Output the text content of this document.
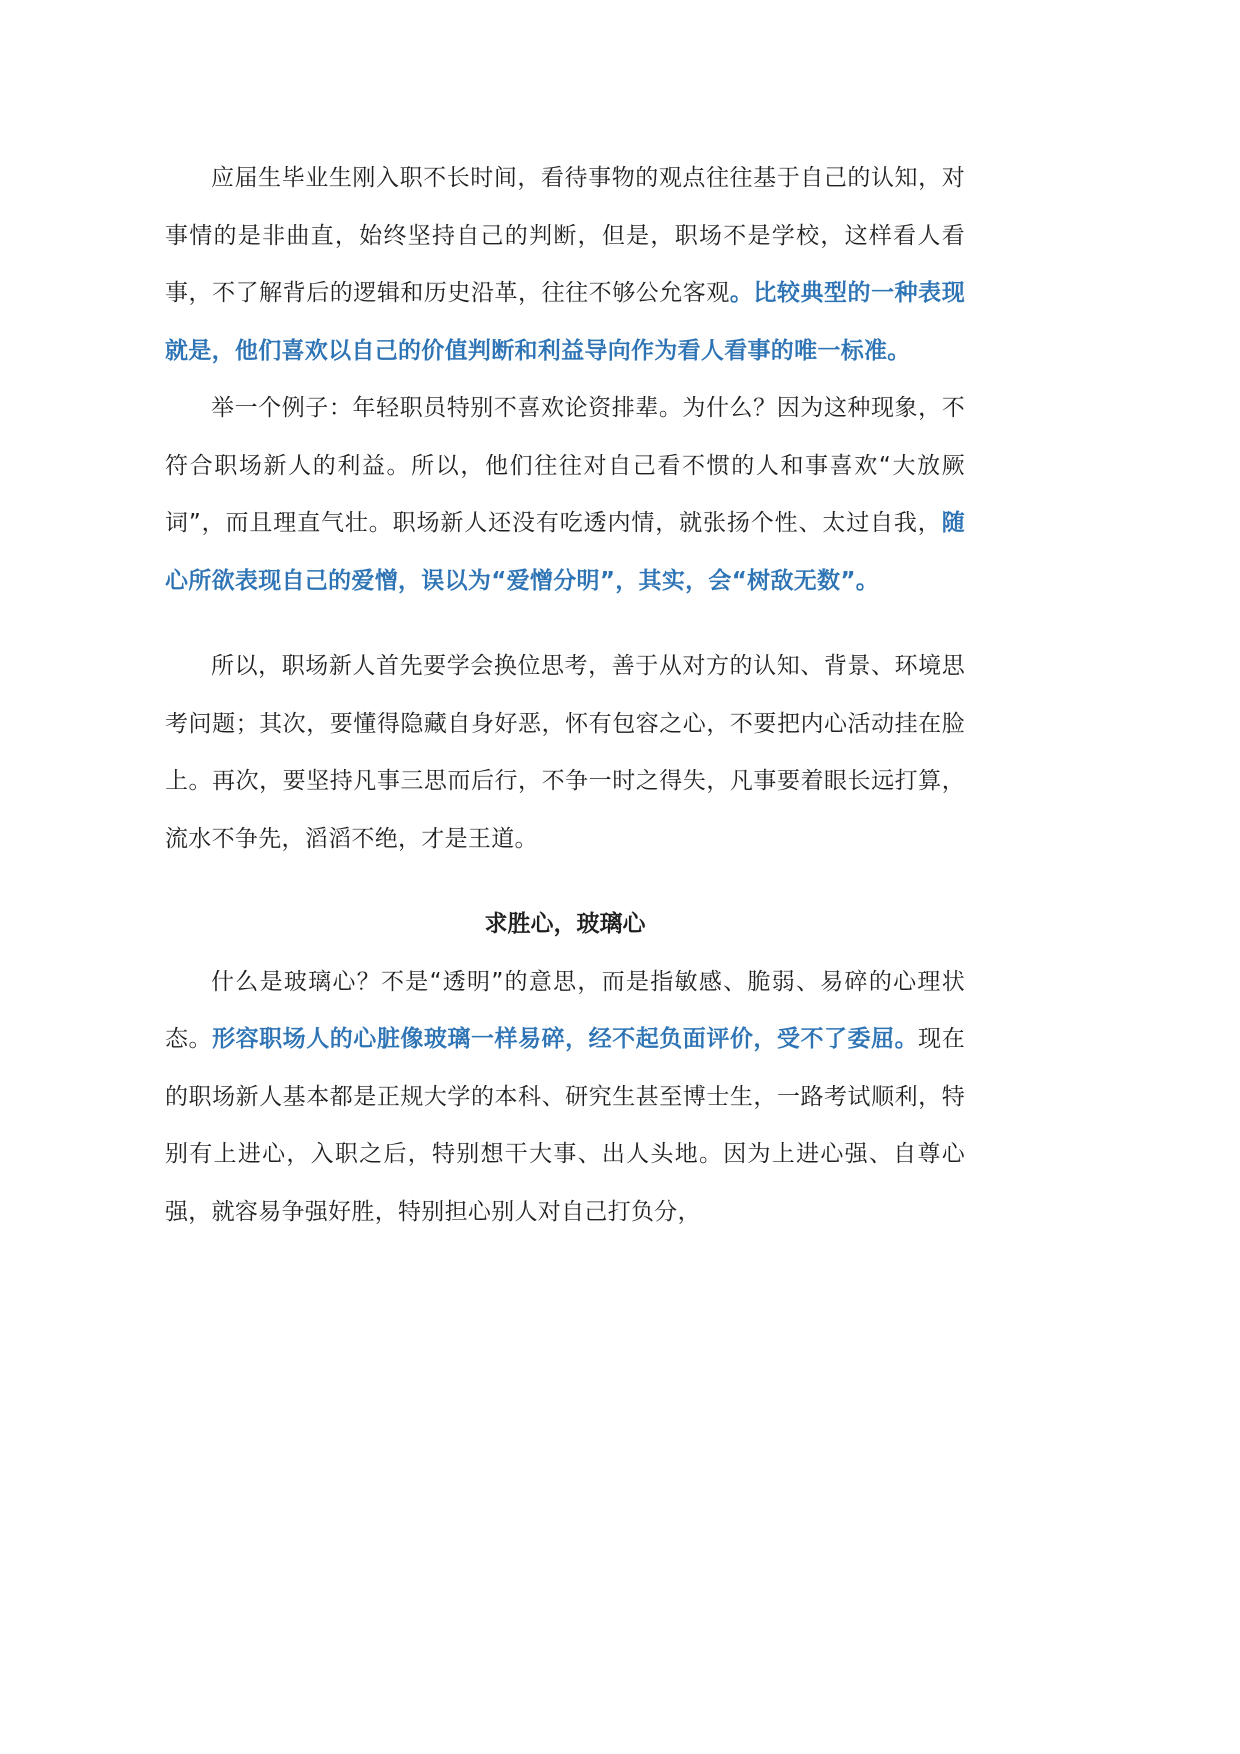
应届生毕业生刚入职不长时间，看待事物的观点往往基于自己的认知，对事情的是非曲直，始终坚持自己的判断，但是，职场不是学校，这样看人看事，不了解背后的逻辑和历史沿革，往往不够公允客观。比较典型的一种表现就是，他们喜欢以自己的价值判断和利益导向作为看人看事的唯一标准。

举一个例子：年轻职员特别不喜欢论资排辈。为什么？因为这种现象，不符合职场新人的利益。所以，他们往往对自己看不惯的人和事喜欢“大放厥词”，而且理直气壮。职场新人还没有吃透内情，就张扬个性、太过自我，随心所欲表现自己的爱憎，误以为“爱憎分明”，其实，会“树敌无数”。

所以，职场新人首先要学会换位思考，善于从对方的认知、背景、环境思考问题；其次，要懂得隐藏自身好恶，怀有包容之心，不要把内心活动挂在脸上。再次，要坚持凡事三思而后行，不争一时之得失，凡事要着眼长远打算，流水不争先，滔滔不绝，才是王道。

求胜心，玻璃心

什么是玻璃心？不是“透明”的意思，而是指敏感、脆弱、易碎的心理状态。形容职场人的心脏像玻璃一样易碎，经不起负面评价，受不了委屈。现在的职场新人基本都是正规大学的本科、研究生甚至博士生，一路考试顺利，特别有上进心，入职之后，特别想干大事、出人头地。因为上进心强、自尊心强，就容易争强好胜，特别担心别人对自己打负分，
